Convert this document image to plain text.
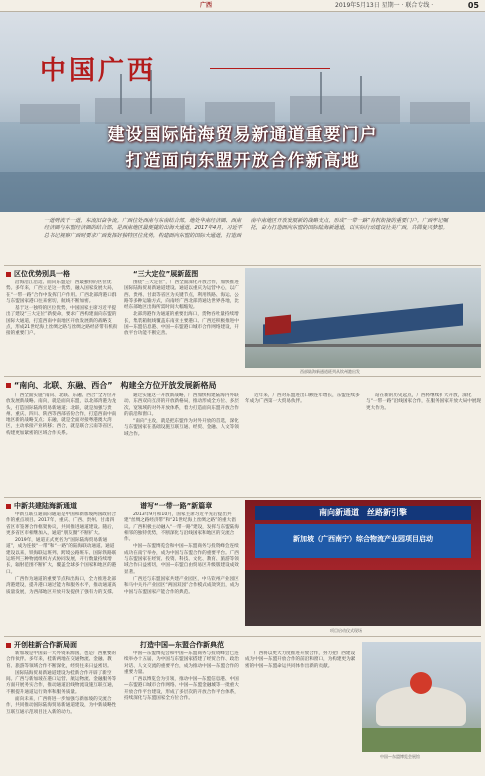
广西	2019年5月13日 星期一 · 联合专线 ·	05
中国广西
建设国际陆海贸易新通道重要门户
打造面向东盟开放合作新高地
一道劈波千一道，东流旧奋争流。广西位处西南与东南结合部，地处华南经济圈、西南经济圈与东盟经济圈的结合部，是西南地区最便捷的出海大通道。2017年4月，习近平总书记视察广西时要求广西发挥好独特区位优势，构建面向东盟的国际大通道，打造西南中南地区开放发展新的战略支点，形成“一带一路”有机衔接的重要门户。广西牢记嘱托，奋力打造面向东盟的国际陆海新通道，以实际行动建设壮美广西，共圆复兴梦想。
区位优势别具一格

沿海沿江沿边、面向东盟是广西最独特的区位优势。多年来，广西立足这一优势，融入国家发展大局，在“一带一路”合作中发挥门户作用。广西北部湾港口群与东盟国家港口往来密切，航线不断加密。

基于这一独特的区位优势，中国国家主席习近平提出了建设“三大定位”新使命，要求广西构建面向东盟的国际大通道，打造西南中南地区开放发展新的战略支点，形成21世纪海上丝绸之路与丝绸之路经济带有机衔接的重要门户。

“三大定位”展新蓝图

围绕“三大定位”，广西全面深化开放合作，加快推进国际陆海贸易新通道建设。通道以重庆为运营中心，以广西、贵州、甘肃等省区为关键节点，利用铁路、海运、公路等多种运输方式，向南经广西北部湾通达世界各地，比经东部地区出海所需时间大幅缩短。

北部湾港作为通道的重要出海口，货物吞吐量持续增长，集装箱航线覆盖东南亚主要港口。广西还积极推进中国—东盟信息港、中国—东盟港口城市合作网络建设，开放平台功能不断完善。

西部陆海新通道班列从钦州港出发
“南向、北联、东融、西合”　构建全方位开放发展新格局

广西全面实施“南向、北联、东融、西合”全方位开放发展新战略。南向，就是面向东盟，以北部湾港为龙头，打造国际陆海贸易新通道；北联，就是加强与贵州、重庆、四川、陕西等西部省份合作，打造西南中南地区新的战略支点；东融，就是全面对接粤港澳大湾区，主动承接产业转移；西合，就是联合云南等省区，构建更加紧密的区域合作关系。

通过实施这一开放新战略，广西加快构建陆海内外联动、东西双向互济的开放新格局，推动形成全方位、多层次、宽领域的对外开放体系，着力打造面向东盟开放合作的前沿和窗口。

“南向”主攻，就是把东盟作为对外开放的首选，深化与东盟国家在基础设施互联互通、经贸、金融、人文等领域合作。

近年来，广西对东盟进出口额连年增长，东盟连续多年成为广西第一大贸易伙伴。

站在新的历史起点，广西将继续扩大开放，深化与“一带一路”沿线国家合作，在服务国家开放大局中展现更大作为。

中新共建陆海新通道

中新互联互通南向通道是中国和新加坡两国政府合作的重点项目。2017年，重庆、广西、贵州、甘肃四省区市签署合作框架协议，共同推进通道建设。随后，更多省区市相继加入，通道“朋友圈”不断扩大。

2019年，通道正式更名为“国际陆海贸易新通道”，成为连接“一带”和“一路”的陆海联动通道。通道建设以来，铁海联运班列、跨境公路班车、国际铁路联运班列三种物流组织方式协同发展，开行数量持续增长，辐射范围不断扩大，覆盖全球多个国家和地区的港口。

广西作为通道的重要节点和出海口，全力推进北部湾港建设，提升港口通过能力和服务水平，推动通道高质量发展，为西部地区开放开发提供了强有力的支撑。

谱写“一带一路”新篇章

2013年9月和10月，国家主席习近平先后提出共建“丝绸之路经济带”和“21世纪海上丝绸之路”的重大倡议。广西积极主动融入“一带一路”建设，发挥与东盟陆海相邻的独特优势，不断深化与沿线国家和地区的交流合作。

中国—东盟博览会和中国—东盟商务与投资峰会连续成功在南宁举办，成为中国与东盟合作的重要平台。广西与东盟国家在经贸、投资、科技、文化、教育、旅游等领域合作日益密切，中国—东盟自由贸易区升级版建设成效显著。

广西还与东盟国家共建产业园区，中马钦州产业园区和马中关丹产业园区“两国双园”合作模式成效突出，成为中国与东盟国家产能合作的典范。

南向新通道　丝路新引擎
新加坡（广西南宁）综合物流产业园项目启动
项目启动仪式现场
开创桂新合作新局面

新加坡是中国第一大外资来源国，也是广西重要的合作伙伴。多年来，桂新两地在交通物流、金融、教育、旅游等领域合作不断深化，经贸往来日益密切。

国际陆海贸易新通道建设为桂新合作开辟了新空间。广西与新加坡在港口运营、航运物流、金融服务等方面开展务实合作，推动通道沿线物流设施互联互通，不断提升通道运行效率和服务质量。

面向未来，广西将进一步加强与新加坡的交流合作，共同推动国际陆海贸易新通道建设，为中新战略性互联互通示范项目注入新的动力。

打造中国—东盟合作新典范

中国—东盟博览会和中国—东盟商务与投资峰会已连续举办十五届，为中国与东盟国家搭建了经贸合作、政治对话、人文交流的重要平台，成为推动中国—东盟合作的重要力量。

广西以博览会为引领，推动中国—东盟信息港、中国—东盟港口城市合作网络、中国—东盟金融城等一批重大开放合作平台建设，形成了多层次的开放合作平台体系，持续深化与东盟国家全方位合作。

广西将以更大力度推进开放合作，努力把广西建设成为中国—东盟开放合作的前沿和窗口，为构建更为紧密的中国—东盟命运共同体作出新的贡献。

中国—东盟博览会展馆
